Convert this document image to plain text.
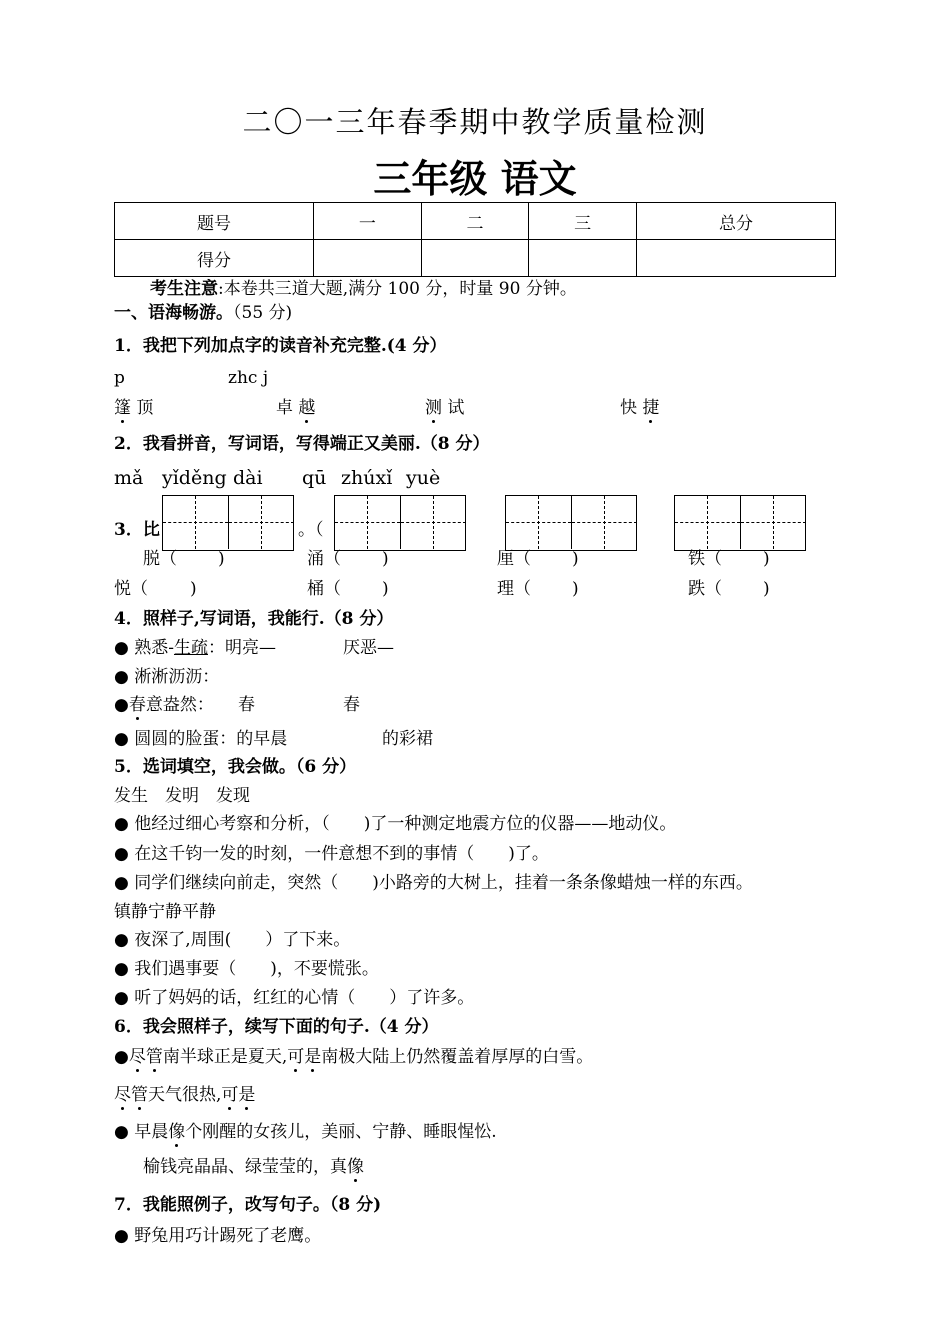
二〇一三年春季期中教学质量检测
三年级 语文
题号	一	二	三	总分
得分				
考生注意:本卷共三道大题,满分 100 分，时量 90 分钟。
一、语海畅游。（55 分)
1．我把下列加点字的读音补充完整.(4 分）
p	zhc j
篷 顶	卓 越	测 试	快 捷
2．我看拼音，写词语，写得端正又美丽.（8 分）
mǎ yǐděng dài qū zhúxǐ yuè
3．比	。（
脱（ )	涌（ )	厘（ )	铁（ )
悦（ )	桶（ )	理（ )	跌（ )
4．照样子,写词语，我能行.（8 分）
● 熟悉-生疏：明亮—	厌恶—
● 淅淅沥沥：
●春意盎然： 春	春
● 圆圆的脸蛋：的早晨	的彩裙
5．选词填空，我会做。（6 分）
发生　发明　发现
● 他经过细心考察和分析，（　　)了一种测定地震方位的仪器——地动仪。
● 在这千钧一发的时刻，一件意想不到的事情（　　)了。
● 同学们继续向前走，突然（　　)小路旁的大树上，挂着一条条像蜡烛一样的东西。
镇静宁静平静
● 夜深了,周围(　　）了下来。
● 我们遇事要（　　)，不要慌张。
● 听了妈妈的话，红红的心情（　　）了许多。
6．我会照样子，续写下面的句子.（4 分）
●尽管南半球正是夏天,可是南极大陆上仍然覆盖着厚厚的白雪。
尽管天气很热,可是
● 早晨像个刚醒的女孩儿，美丽、宁静、睡眼惺忪.
榆钱亮晶晶、绿莹莹的，真像
7．我能照例子，改写句子。（8 分)
● 野兔用巧计踢死了老鹰。
